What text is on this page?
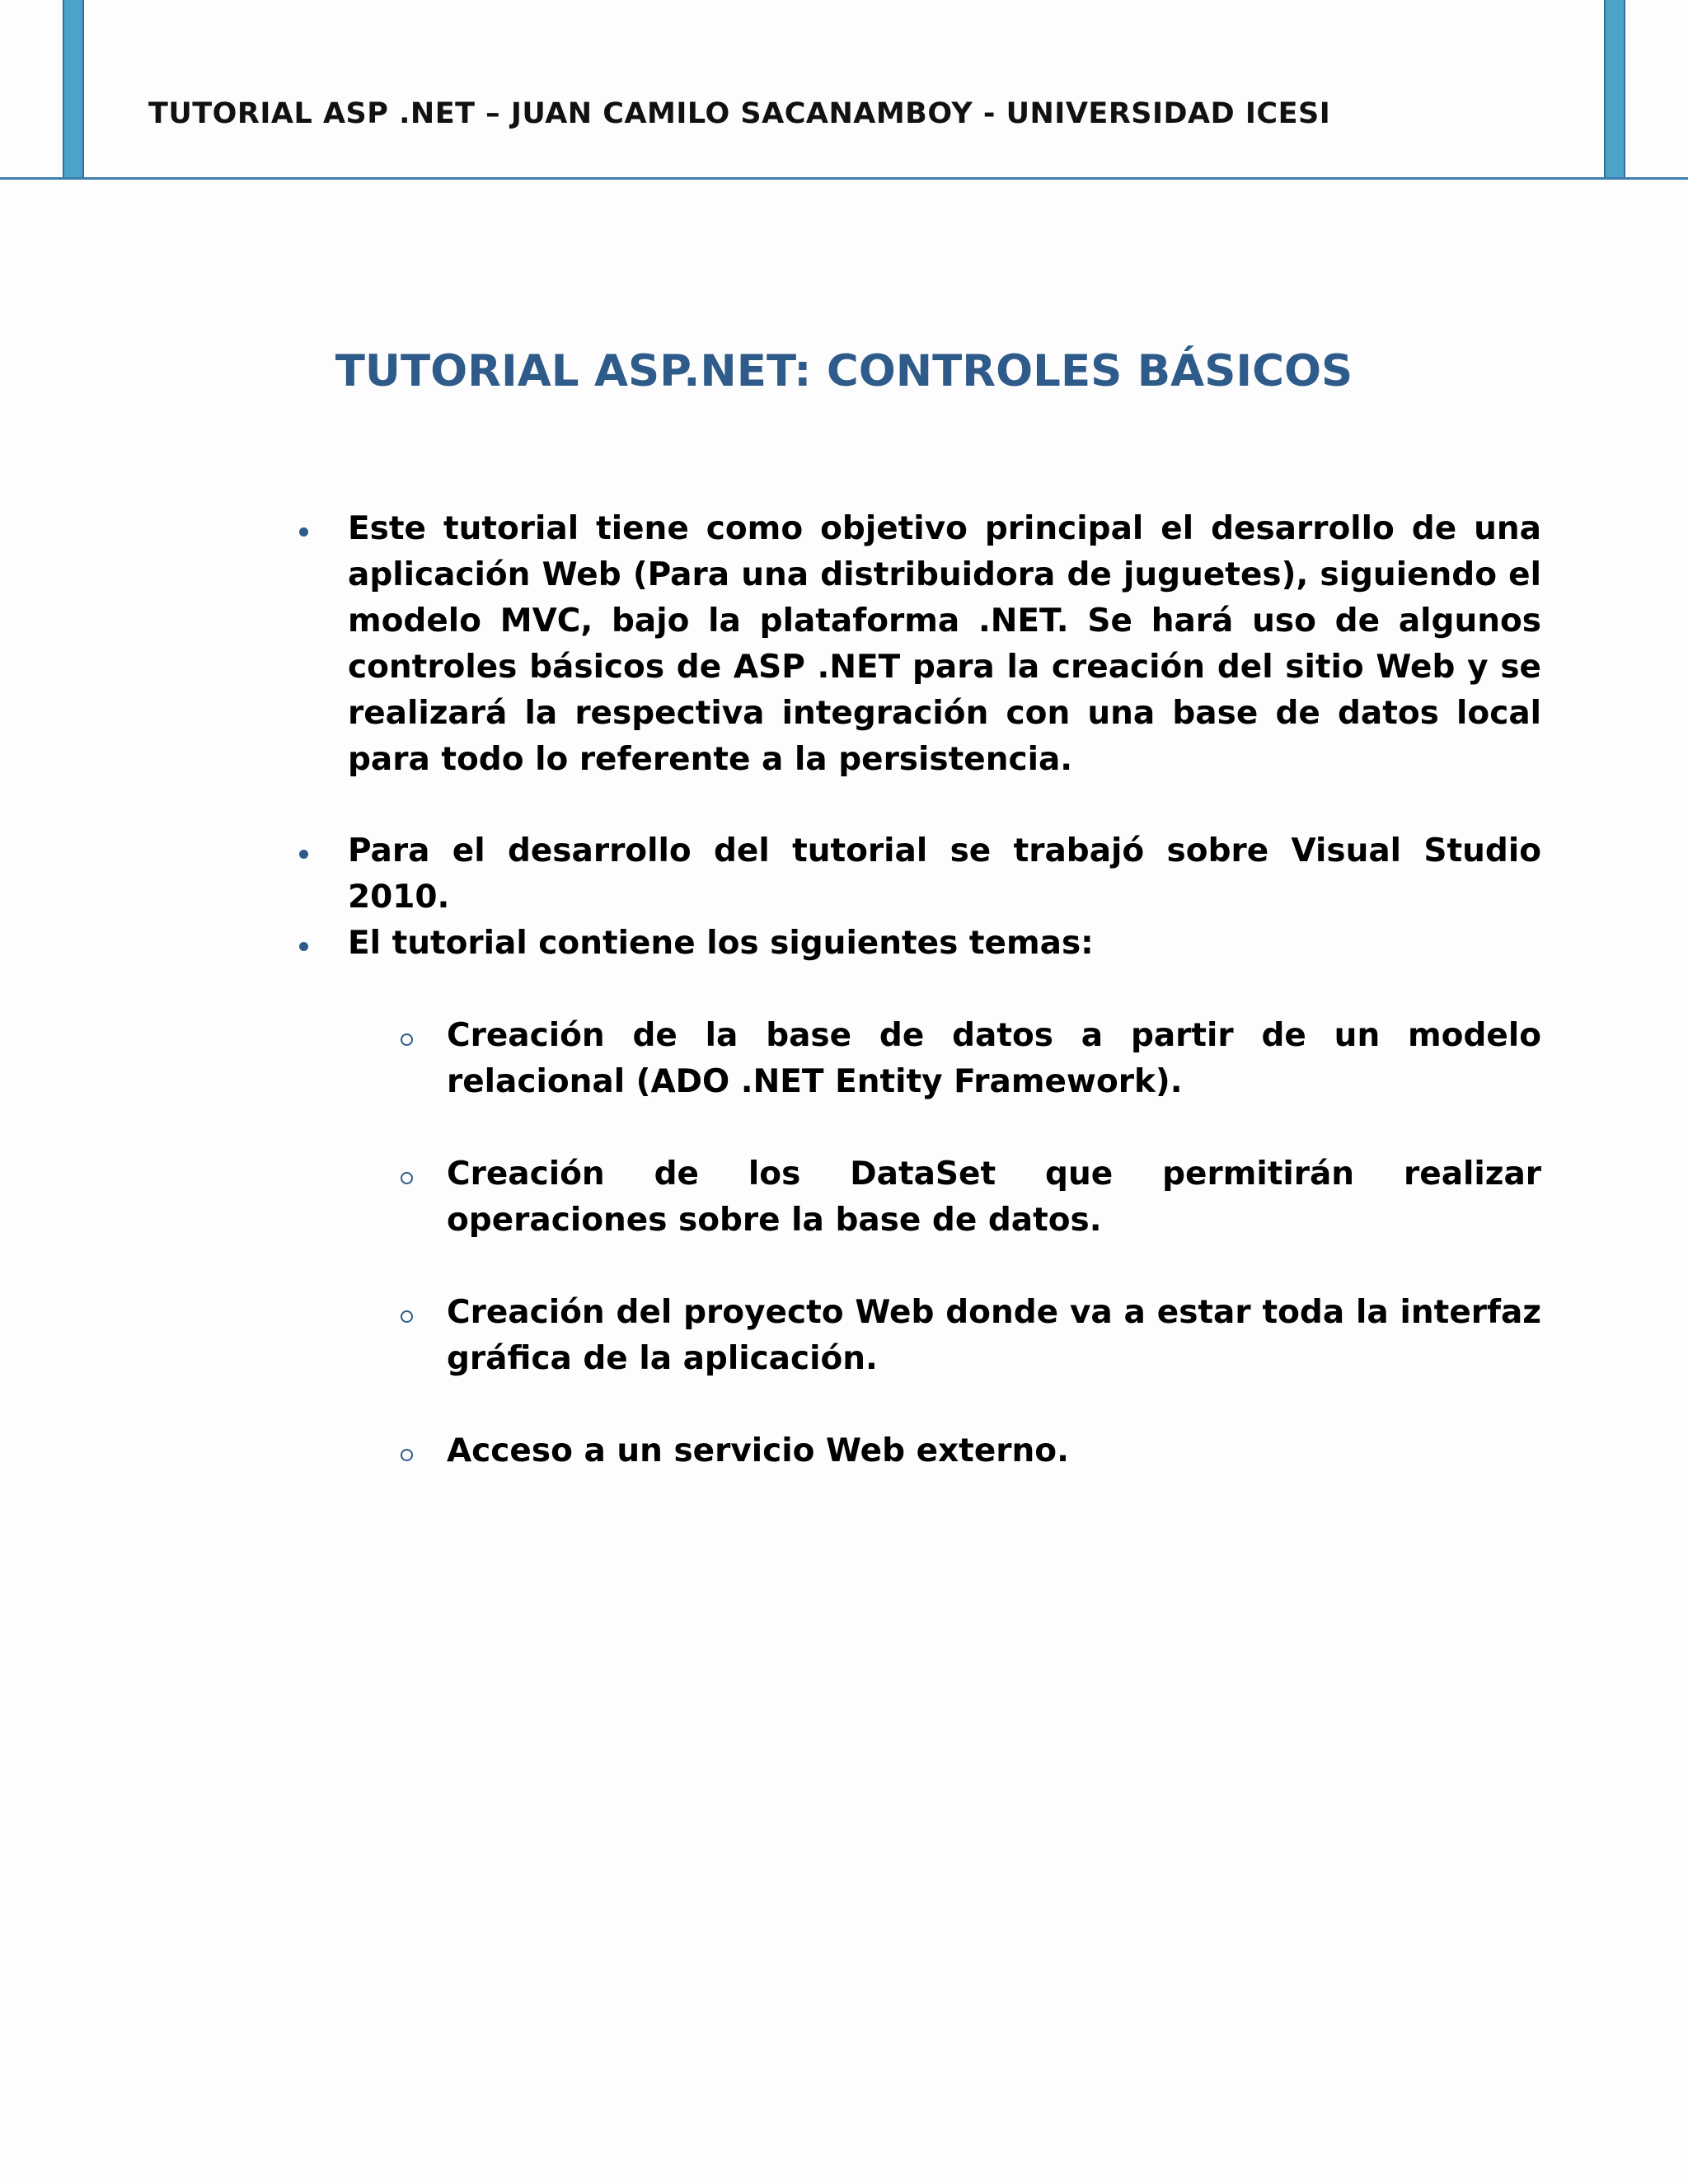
TUTORIAL ASP .NET – JUAN CAMILO SACANAMBOY - UNIVERSIDAD ICESI
TUTORIAL ASP.NET: CONTROLES BÁSICOS
Este tutorial tiene como objetivo principal el desarrollo de una aplicación Web (Para una distribuidora de juguetes), siguiendo el modelo MVC, bajo la plataforma .NET. Se hará uso de algunos controles básicos de ASP .NET para la creación del sitio Web y se realizará la respectiva integración con una base de datos local para todo lo referente a la persistencia.
Para el desarrollo del tutorial se trabajó sobre Visual Studio 2010.
El tutorial contiene los siguientes temas:
Creación de la base de datos a partir de un modelo relacional (ADO .NET Entity Framework).
Creación de los DataSet que permitirán realizar operaciones sobre la base de datos.
Creación del proyecto Web donde va a estar toda la interfaz gráfica de la aplicación.
Acceso a un servicio Web externo.
